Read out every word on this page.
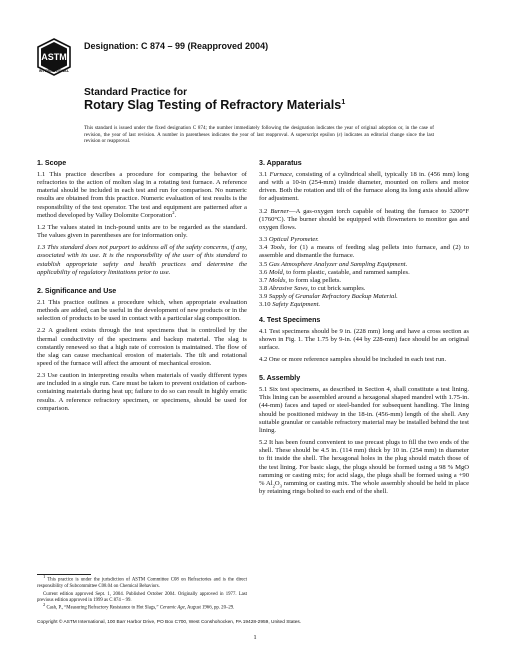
ASTM
INTERNATIONAL
Designation: C 874 – 99 (Reapproved 2004)
Standard Practice for
Rotary Slag Testing of Refractory Materials$^1$
This standard is issued under the fixed designation C 874; the number immediately following the designation indicates the year of original adoption or, in the case of revision, the year of last revision. A number in parentheses indicates the year of last reapproval. A superscript epsilon (ε) indicates an editorial change since the last revision or reapproval.
1. Scope

1.1 This practice describes a procedure for comparing the behavior of refractories to the action of molten slag in a rotating test furnace. A reference material should be included in each test and run for comparison. No numeric results are obtained from this practice. Numeric evaluation of test results is the responsibility of the test operator. The test and equipment are patterned after a method developed by Valley Dolomite Corporation$^2$.

1.2 The values stated in inch-pound units are to be regarded as the standard. The values given in parentheses are for information only.

1.3 This standard does not purport to address all of the safety concerns, if any, associated with its use. It is the responsibility of the user of this standard to establish appropriate safety and health practices and determine the applicability of regulatory limitations prior to use.

2. Significance and Use

2.1 This practice outlines a procedure which, when appropriate evaluation methods are added, can be useful in the development of new products or in the selection of products to be used in contact with a particular slag composition.

2.2 A gradient exists through the test specimens that is controlled by the thermal conductivity of the specimens and backup material. The slag is constantly renewed so that a high rate of corrosion is maintained. The flow of the slag can cause mechanical erosion of materials. The tilt and rotational speed of the furnace will affect the amount of mechanical erosion.

2.3 Use caution in interpreting results when materials of vastly different types are included in a single run. Care must be taken to prevent oxidation of carbon-containing materials during heat up; failure to do so can result in highly erratic results. A reference refractory specimen, or specimens, should be used for comparison.

3. Apparatus

3.1 Furnace, consisting of a cylindrical shell, typically 18 in. (456 mm) long and with a 10-in (254-mm) inside diameter, mounted on rollers and motor driven. Both the rotation and tilt of the furnace along its long axis should allow for adjustment.

3.2 Burner—A gas-oxygen torch capable of heating the furnace to 3200°F (1760°C). The burner should be equipped with flowmeters to monitor gas and oxygen flows.

3.3 Optical Pyrometer.

3.4 Tools, for (1) a means of feeding slag pellets into furnace, and (2) to assemble and dismantle the furnace.

3.5 Gas Atmosphere Analyzer and Sampling Equipment.

3.6 Mold, to form plastic, castable, and rammed samples.

3.7 Molds, to form slag pellets.

3.8 Abrasive Saws, to cut brick samples.

3.9 Supply of Granular Refractory Backup Material.

3.10 Safety Equipment.

4. Test Specimens

4.1 Test specimens should be 9 in. (228 mm) long and have a cross section as shown in Fig. 1. The 1.75 by 9-in. (44 by 228-mm) face should be an original surface.

4.2 One or more reference samples should be included in each test run.

5. Assembly

5.1 Six test specimens, as described in Section 4, shall constitute a test lining. This lining can be assembled around a hexagonal shaped mandrel with 1.75-in. (44-mm) faces and taped or steel-banded for subsequent handling. The lining should be positioned midway in the 18-in. (456-mm) length of the shell. Any suitable granular or castable refractory material may be installed behind the test lining.

5.2 It has been found convenient to use precast plugs to fill the two ends of the shell. These should be 4.5 in. (114 mm) thick by 10 in. (254 mm) in diameter to fit inside the shell. The hexagonal holes in the plug should match those of the test lining. For basic slags, the plugs should be formed using a 98 % MgO ramming or casting mix; for acid slags, the plugs shall be formed using a +90 % $Al_2O_3$ ramming or casting mix. The whole assembly should be held in place by retaining rings bolted to each end of the shell.

$^1$ This practice is under the jurisdiction of ASTM Committee C08 on Refractories and is the direct responsibility of Subcommittee C08.04 on Chemical Behaviors.

Current edition approved Sept. 1, 2004. Published October 2004. Originally approved in 1977. Last previous edition approved in 1999 as C 874 – 99.

$^2$ Cash, P., “Measuring Refractory Resistance to Hot Slags,” Ceramic Age, August 1966, pp. 20–29.

Copyright © ASTM International, 100 Barr Harbor Drive, PO Box C700, West Conshohocken, PA 19428-2959, United States.
1
